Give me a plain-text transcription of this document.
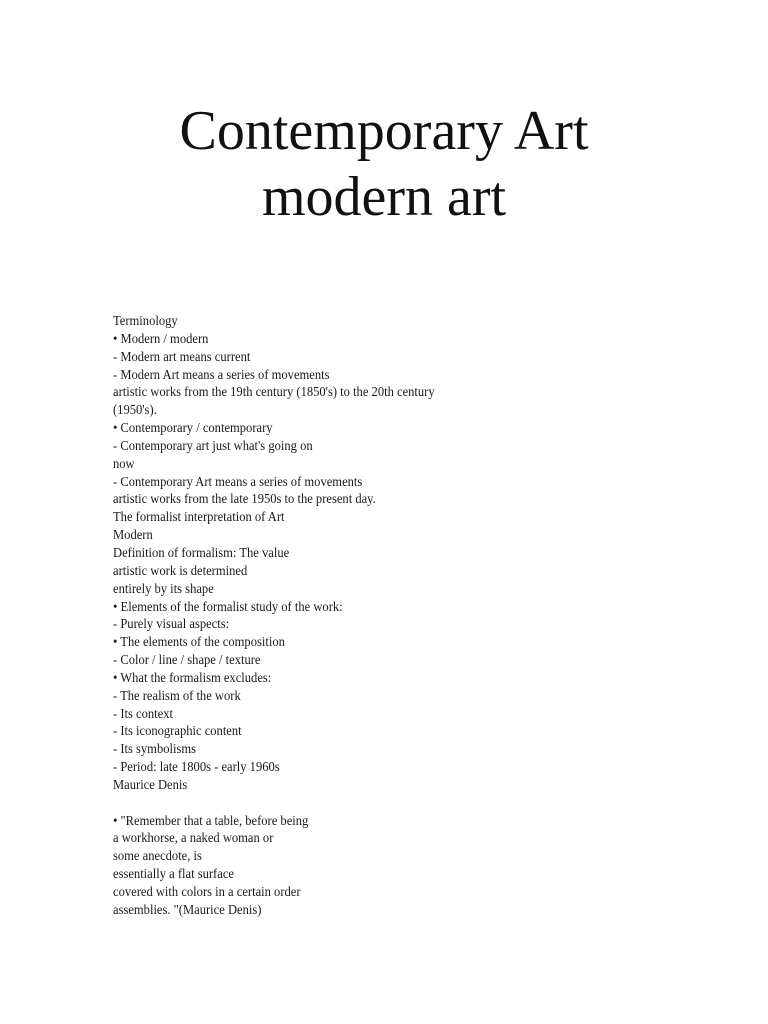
Contemporary Art
modern art
Terminology
• Modern / modern
- Modern art means current
- Modern Art means a series of movements
artistic works from the 19th century (1850's) to the 20th century
(1950's).
• Contemporary / contemporary
- Contemporary art just what's going on
now
- Contemporary Art means a series of movements
artistic works from the late 1950s to the present day.
The formalist interpretation of Art
Modern
Definition of formalism: The value
artistic work is determined
entirely by its shape
• Elements of the formalist study of the work:
- Purely visual aspects:
• The elements of the composition
- Color / line / shape / texture
• What the formalism excludes:
- The realism of the work
- Its context
- Its iconographic content
- Its symbolisms
- Period: late 1800s - early 1960s
Maurice Denis
• "Remember that a table, before being
a workhorse, a naked woman or
some anecdote, is
essentially a flat surface
covered with colors in a certain order
assemblies. "(Maurice Denis)
